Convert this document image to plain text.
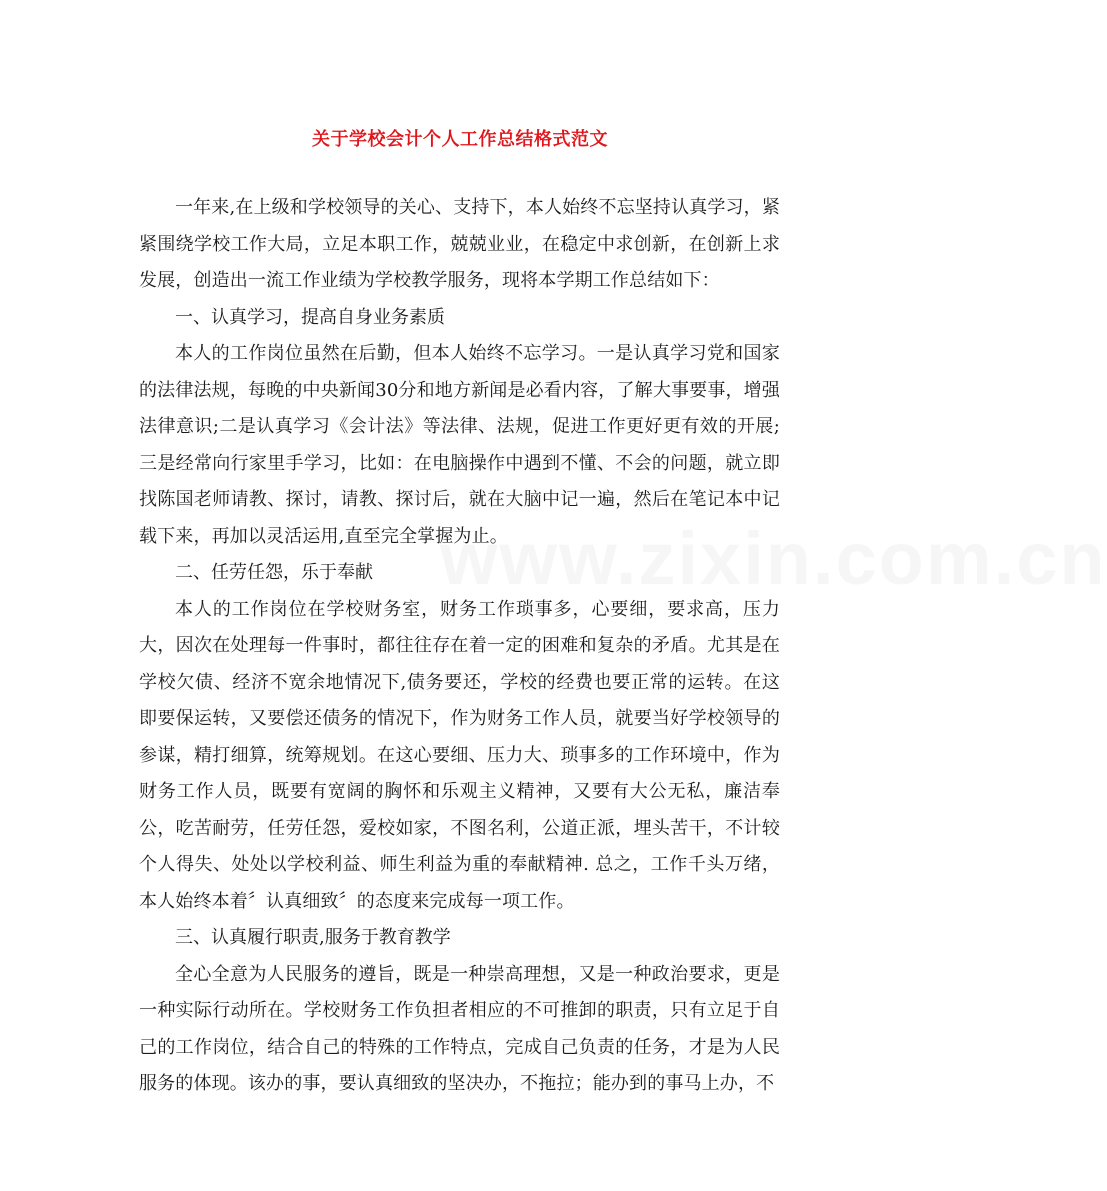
www.zixin.com.cn
关于学校会计个人工作总结格式范文

一年来,在上级和学校领导的关心、支持下，本人始终不忘坚持认真学习，紧紧围绕学校工作大局，立足本职工作，兢兢业业，在稳定中求创新，在创新上求发展，创造出一流工作业绩为学校教学服务，现将本学期工作总结如下：

一、认真学习，提高自身业务素质

本人的工作岗位虽然在后勤，但本人始终不忘学习。一是认真学习党和国家的法律法规，每晚的中央新闻30分和地方新闻是必看内容，了解大事要事，增强法律意识;二是认真学习《会计法》等法律、法规，促进工作更好更有效的开展;三是经常向行家里手学习，比如：在电脑操作中遇到不懂、不会的问题，就立即找陈国老师请教、探讨，请教、探讨后，就在大脑中记一遍，然后在笔记本中记载下来，再加以灵活运用,直至完全掌握为止。

二、任劳任怨，乐于奉献

本人的工作岗位在学校财务室，财务工作琐事多，心要细，要求高，压力大，因次在处理每一件事时，都往往存在着一定的困难和复杂的矛盾。尤其是在学校欠债、经济不宽余地情况下,债务要还，学校的经费也要正常的运转。在这即要保运转，又要偿还债务的情况下，作为财务工作人员，就要当好学校领导的参谋，精打细算，统筹规划。在这心要细、压力大、琐事多的工作环境中，作为财务工作人员，既要有宽阔的胸怀和乐观主义精神，又要有大公无私，廉洁奉公，吃苦耐劳，任劳任怨，爱校如家，不图名利，公道正派，埋头苦干，不计较个人得失、处处以学校利益、师生利益为重的奉献精神. 总之，工作千头万绪，本人始终本着〞认真细致〞的态度来完成每一项工作。

三、认真履行职责,服务于教育教学

全心全意为人民服务的遵旨，既是一种崇高理想，又是一种政治要求，更是一种实际行动所在。学校财务工作负担者相应的不可推卸的职责，只有立足于自己的工作岗位，结合自己的特殊的工作特点，完成自己负责的任务，才是为人民服务的体现。该办的事，要认真细致的坚决办，不拖拉；能办到的事马上办，不
